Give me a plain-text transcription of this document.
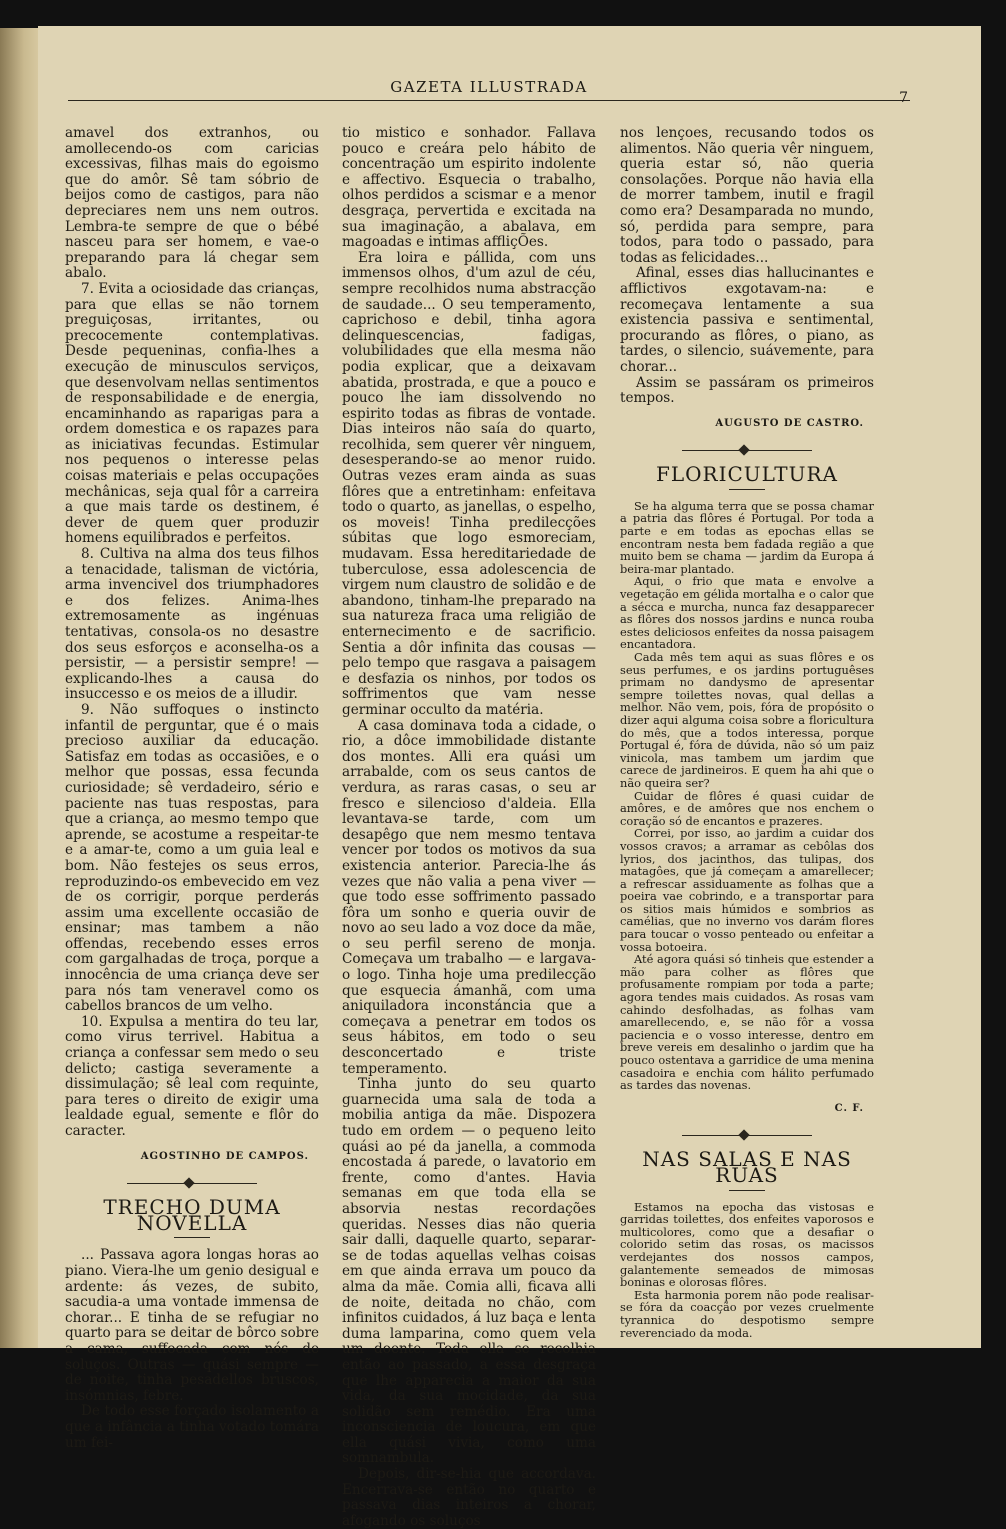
GAZETA ILLUSTRADA
7

amavel dos extranhos, ou amollecendo-os com caricias excessivas, filhas mais do egoismo que do amôr. Sê tam sóbrio de beijos como de castigos, para não depreciares nem uns nem outros. Lembra-te sempre de que o bébé nasceu para ser homem, e vae-o preparando para lá chegar sem abalo.

7. Evita a ociosidade das crianças, para que ellas se não tornem preguiçosas, irritantes, ou precocemente contemplativas. Desde pequeninas, confia-lhes a execução de minusculos serviços, que desenvolvam nellas sentimentos de responsabilidade e de energia, encaminhando as raparigas para a ordem domestica e os rapazes para as iniciativas fecundas. Estimular nos pequenos o interesse pelas coisas materiais e pelas occupações mechânicas, seja qual fôr a carreira a que mais tarde os destinem, é dever de quem quer produzir homens equilibrados e perfeitos.

8. Cultiva na alma dos teus filhos a tenacidade, talisman de victória, arma invencivel dos triumphadores e dos felizes. Anima-lhes extremosamente as ingénuas tentativas, consola-os no desastre dos seus esforços e aconselha-os a persistir, — a persistir sempre! — explicando-lhes a causa do insuccesso e os meios de a illudir.

9. Não suffoques o instincto infantil de perguntar, que é o mais precioso auxiliar da educação. Satisfaz em todas as occasiões, e o melhor que possas, essa fecunda curiosidade; sê verdadeiro, sério e paciente nas tuas respostas, para que a criança, ao mesmo tempo que aprende, se acostume a respeitar-te e a amar-te, como a um guia leal e bom. Não festejes os seus erros, reproduzindo-os embevecido em vez de os corrigir, porque perderás assim uma excellente occasião de ensinar; mas tambem a não offendas, recebendo esses erros com gargalhadas de troça, porque a innocência de uma criança deve ser para nós tam veneravel como os cabellos brancos de um velho.

10. Expulsa a mentira do teu lar, como virus terrivel. Habitua a criança a confessar sem medo o seu delicto; castiga severamente a dissimulação; sê leal com requinte, para teres o direito de exigir uma lealdade egual, semente e flôr do caracter.

AGOSTINHO DE CAMPOS.
TRECHO DUMA NOVELLA

... Passava agora longas horas ao piano. Viera-lhe um genio desigual e ardente: ás vezes, de subito, sacudia-a uma vontade immensa de chorar... E tinha de se refugiar no quarto para se deitar de bôrco sobre a cama, suffocada com nós de soluços. Outras — quási sempre — de noite, tinha pesadellos bruscos, insómnias, febre.

De todo esse forçado isolamento a que a infância a tinha votado tomára um fei-

tio mistico e sonhador. Fallava pouco e creára pelo hábito de concentração um espirito indolente e affectivo. Esquecia o trabalho, olhos perdidos a scismar e a menor desgraça, pervertida e excitada na sua imaginação, a abalava, em magoadas e intimas affliçÕes.

Era loira e pállida, com uns immensos olhos, d'um azul de céu, sempre recolhidos numa abstracção de saudade... O seu temperamento, caprichoso e debil, tinha agora delinquescencias, fadigas, volubilidades que ella mesma não podia explicar, que a deixavam abatida, prostrada, e que a pouco e pouco lhe iam dissolvendo no espirito todas as fibras de vontade. Dias inteiros não saía do quarto, recolhida, sem querer vêr ninguem, desesperando-se ao menor ruido. Outras vezes eram ainda as suas flôres que a entretinham: enfeitava todo o quarto, as janellas, o espelho, os moveis! Tinha predilecções súbitas que logo esmoreciam, mudavam. Essa hereditariedade de tuberculose, essa adolescencia de virgem num claustro de solidão e de abandono, tinham-lhe preparado na sua natureza fraca uma religião de enternecimento e de sacrificio. Sentia a dôr infinita das cousas — pelo tempo que rasgava a paisagem e desfazia os ninhos, por todos os soffrimentos que vam nesse germinar occulto da matéria.

A casa dominava toda a cidade, o rio, a dôce immobilidade distante dos montes. Alli era quási um arrabalde, com os seus cantos de verdura, as raras casas, o seu ar fresco e silencioso d'aldeia. Ella levantava-se tarde, com um desapêgo que nem mesmo tentava vencer por todos os motivos da sua existencia anterior. Parecia-lhe ás vezes que não valia a pena viver — que todo esse soffrimento passado fôra um sonho e queria ouvir de novo ao seu lado a voz doce da mãe, o seu perfil sereno de monja. Começava um trabalho — e largava-o logo. Tinha hoje uma predilecção que esquecia ámanhã, com uma aniquiladora inconstáncia que a começava a penetrar em todos os seus hábitos, em todo o seu desconcertado e triste temperamento.

Tinha junto do seu quarto guarnecida uma sala de toda a mobilia antiga da mãe. Dispozera tudo em ordem — o pequeno leito quási ao pé da janella, a commoda encostada á parede, o lavatorio em frente, como d'antes. Havia semanas em que toda ella se absorvia nestas recordações queridas. Nesses dias não queria sair dalli, daquelle quarto, separar-se de todas aquellas velhas coisas em que ainda errava um pouco da alma da mãe. Comia alli, ficava alli de noite, deitada no chão, com infinitos cuidados, á luz baça e lenta duma lamparina, como quem vela um doente. Toda ella se recolhia então ao passado, a essa desgraça que lhe apparecia a maior da sua vida, da sua mocidade, da sua solidão sem remédio. Era uma inconsciencia de loucura, em que ella quási vivia, como uma somnambula.

Depois, dir-se-hia que accordava. Encerrava-se então no quarto e passava dias inteiros a chorar, afogando os soluços

nos lençoes, recusando todos os alimentos. Não queria vêr ninguem, queria estar só, não queria consolações. Porque não havia ella de morrer tambem, inutil e fragil como era? Desamparada no mundo, só, perdida para sempre, para todos, para todo o passado, para todas as felicidades...

Afinal, esses dias hallucinantes e afflictivos exgotavam-na: e recomeçava lentamente a sua existencia passiva e sentimental, procurando as flôres, o piano, as tardes, o silencio, suávemente, para chorar...

Assim se passáram os primeiros tempos.

AUGUSTO DE CASTRO.
FLORICULTURA

Se ha alguma terra que se possa chamar a patria das flôres é Portugal. Por toda a parte e em todas as epochas ellas se encontram nesta bem fadada região a que muito bem se chama — jardim da Europa á beira-mar plantado.

Aqui, o frio que mata e envolve a vegetação em gélida mortalha e o calor que a sécca e murcha, nunca faz desapparecer as flôres dos nossos jardins e nunca rouba estes deliciosos enfeites da nossa paisagem encantadora.

Cada mês tem aqui as suas flôres e os seus perfumes, e os jardins portuguêses primam no dandysmo de apresentar sempre toilettes novas, qual dellas a melhor. Não vem, pois, fóra de propósito o dizer aqui alguma coisa sobre a floricultura do mês, que a todos interessa, porque Portugal é, fóra de dúvida, não só um paiz vinicola, mas tambem um jardim que carece de jardineiros. E quem ha ahi que o não queira ser?

Cuidar de flôres é quasi cuidar de amôres, e de amôres que nos enchem o coração só de encantos e prazeres.

Correi, por isso, ao jardim a cuidar dos vossos cravos; a arramar as cebôlas dos lyrios, dos jacinthos, das tulipas, dos matagôes, que já começam a amarellecer; a refrescar assiduamente as folhas que a poeira vae cobrindo, e a transportar para os sitios mais húmidos e sombrios as camélias, que no inverno vos darám flores para toucar o vosso penteado ou enfeitar a vossa botoeira.

Até agora quási só tinheis que estender a mão para colher as flôres que profusamente rompiam por toda a parte; agora tendes mais cuidados. As rosas vam cahindo desfolhadas, as folhas vam amarellecendo, e, se não fôr a vossa paciencia e o vosso interesse, dentro em breve vereis em desalinho o jardim que ha pouco ostentava a garridice de uma menina casadoira e enchia com hálito perfumado as tardes das novenas.

C. F.
NAS SALAS E NAS RUAS

Estamos na epocha das vistosas e garridas toilettes, dos enfeites vaporosos e multicolores, como que a desafiar o colorido setim das rosas, os macissos verdejantes dos nossos campos, galantemente semeados de mimosas boninas e olorosas flôres.

Esta harmonia porem não pode realisar-se fóra da coacção por vezes cruelmente tyrannica do despotismo sempre reverenciado da moda.
